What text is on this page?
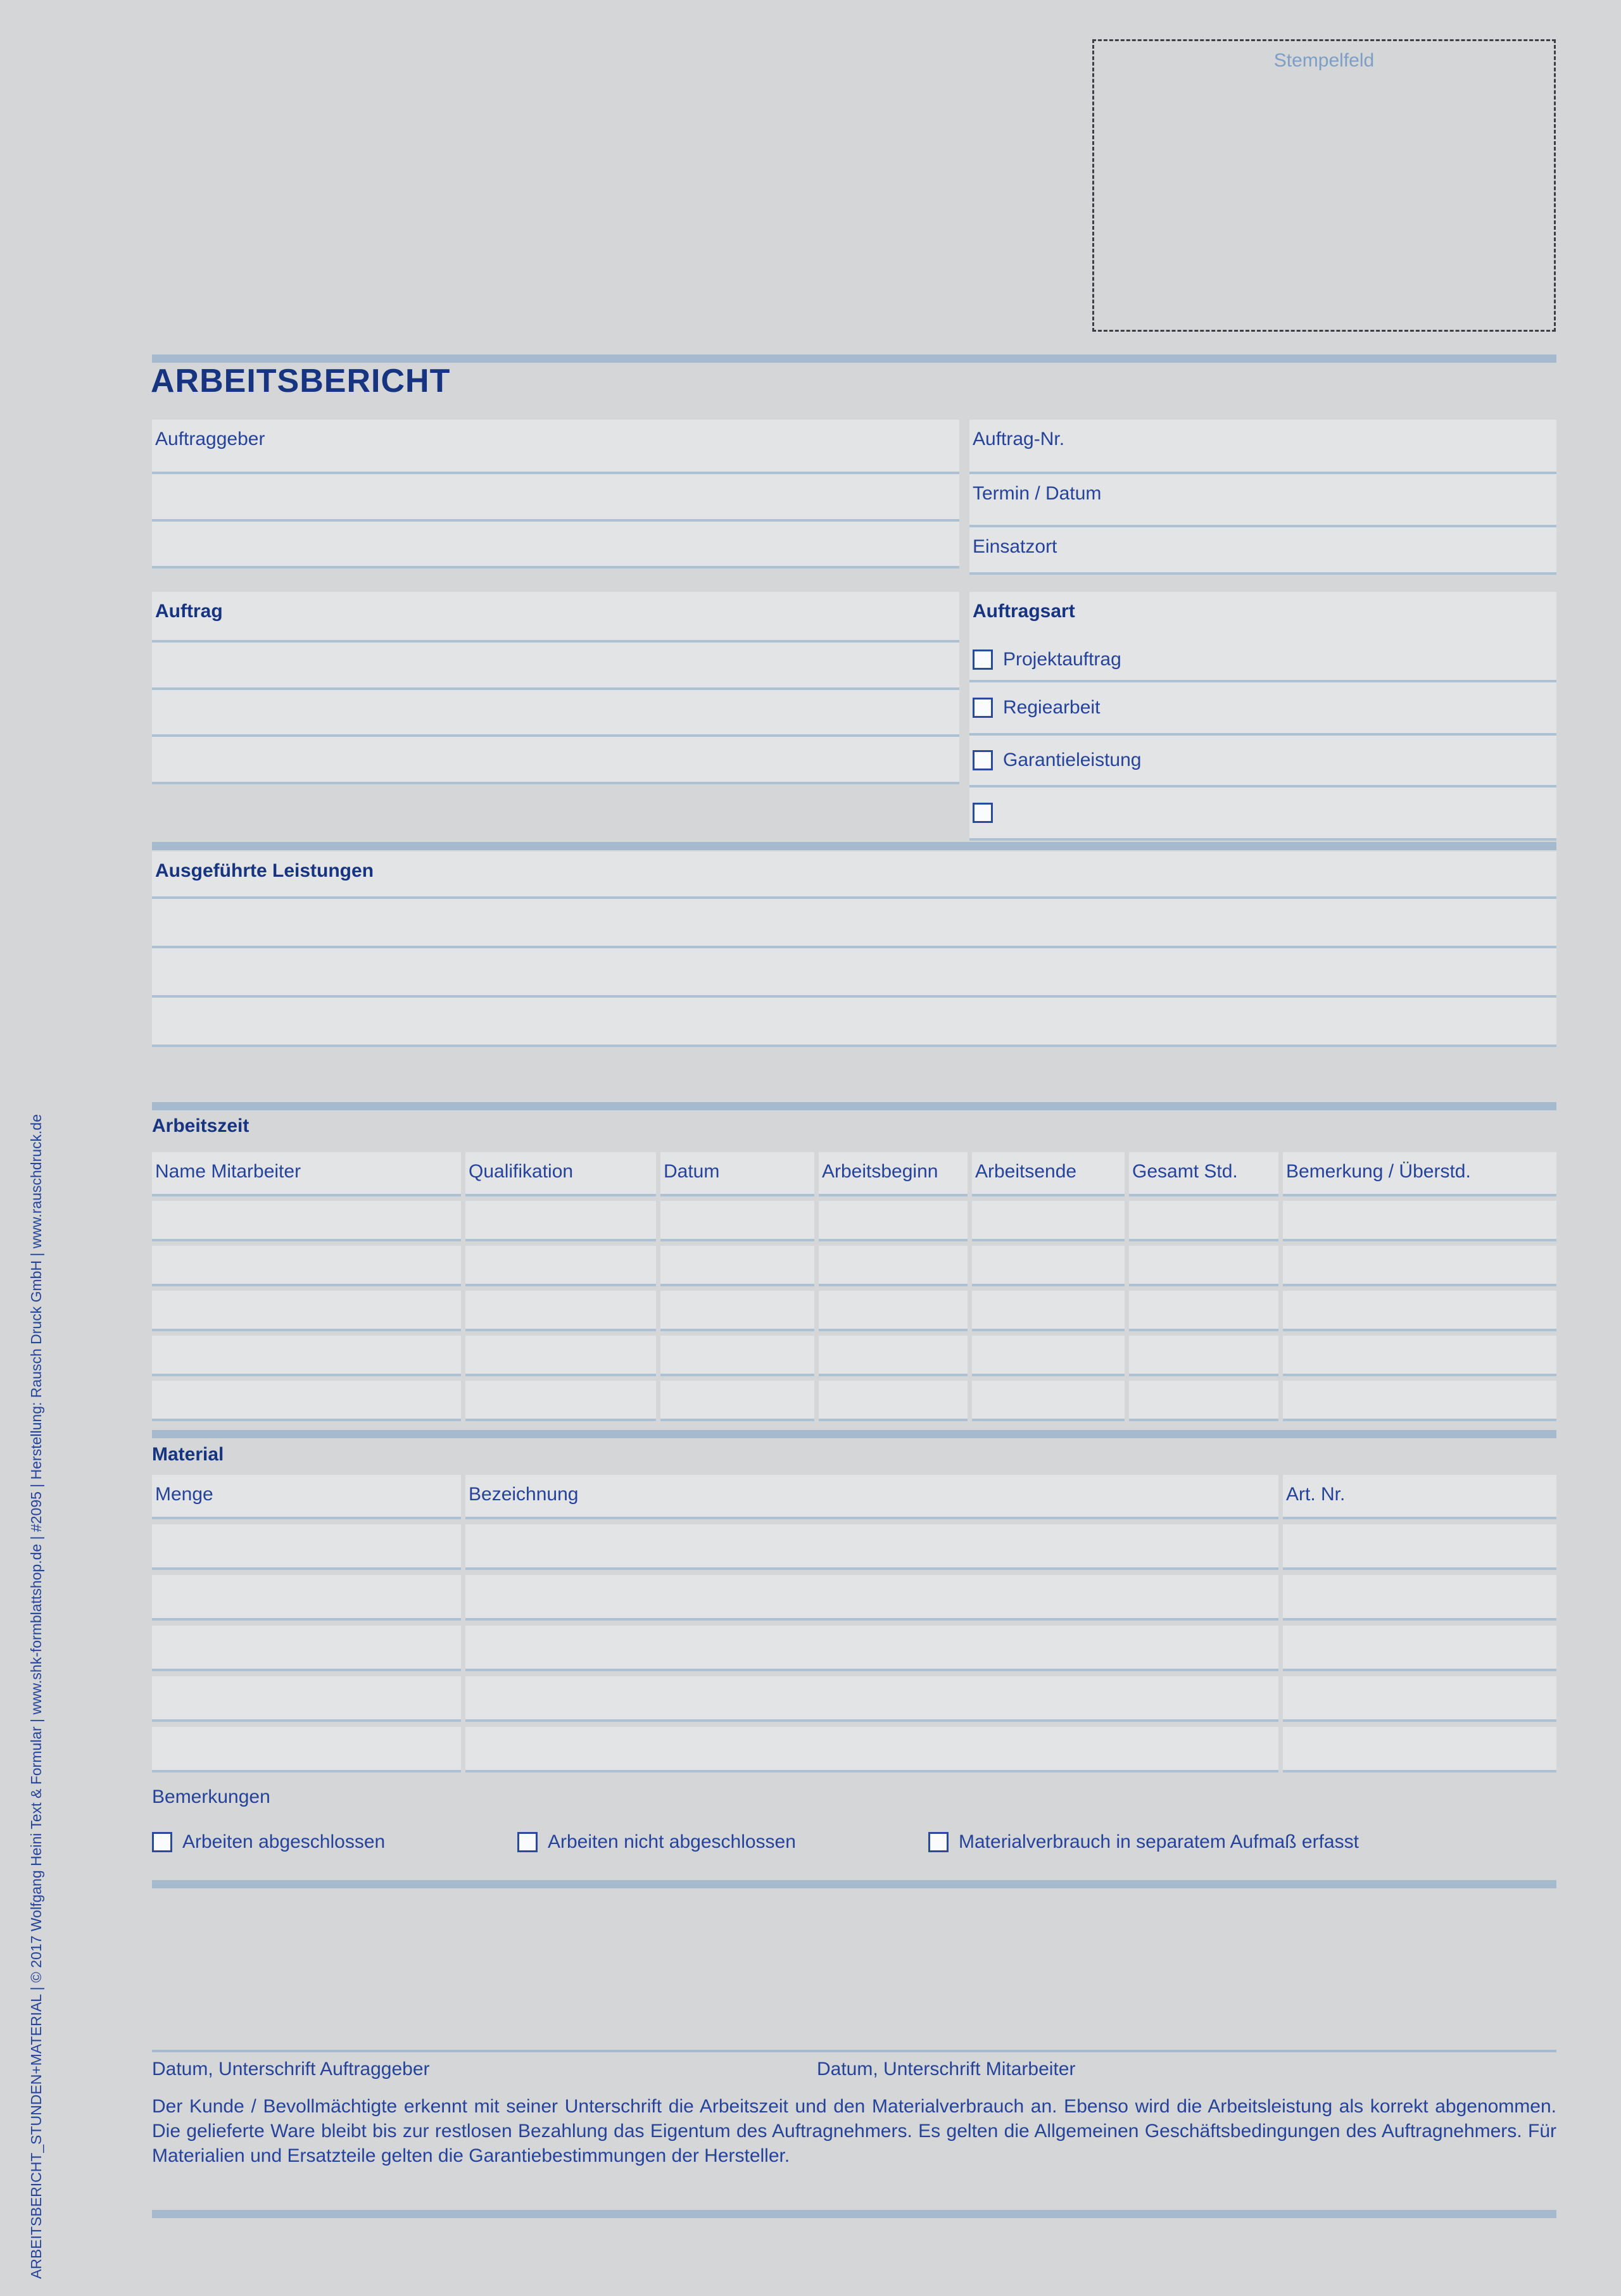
Stempelfeld
ARBEITSBERICHT_STUNDEN+MATERIAL | © 2017 Wolfgang Heini Text & Formular | www.shk-formblattshop.de | #2095 | Herstellung: Rausch Druck GmbH | www.rauschdruck.de
ARBEITSBERICHT
Auftraggeber	Auftrag-Nr.
Termin / Datum
Einsatzort
Auftrag	Auftragsart
Projektauftrag
Regiearbeit
Garantieleistung
Ausgeführte Leistungen
Arbeitszeit
Name Mitarbeiter	Qualifikation	Datum	Arbeitsbeginn	Arbeitsende	Gesamt Std.	Bemerkung / Überstd.
Material
Menge	Bezeichnung	Art. Nr.
Bemerkungen
Arbeiten abgeschlossen	Arbeiten nicht abgeschlossen	Materialverbrauch in separatem Aufmaß erfasst
Datum, Unterschrift Auftraggeber	Datum, Unterschrift Mitarbeiter
Der Kunde / Bevollmächtigte erkennt mit seiner Unterschrift die Arbeitszeit und den Materialverbrauch an. Ebenso wird die Arbeitsleistung als korrekt abgenommen. Die gelieferte Ware bleibt bis zur restlosen Bezahlung das Eigentum des Auftragnehmers. Es gelten die Allgemeinen Geschäftsbedingungen des Auftragnehmers. Für Materialien und Ersatzteile gelten die Garantiebestimmungen der Hersteller.
